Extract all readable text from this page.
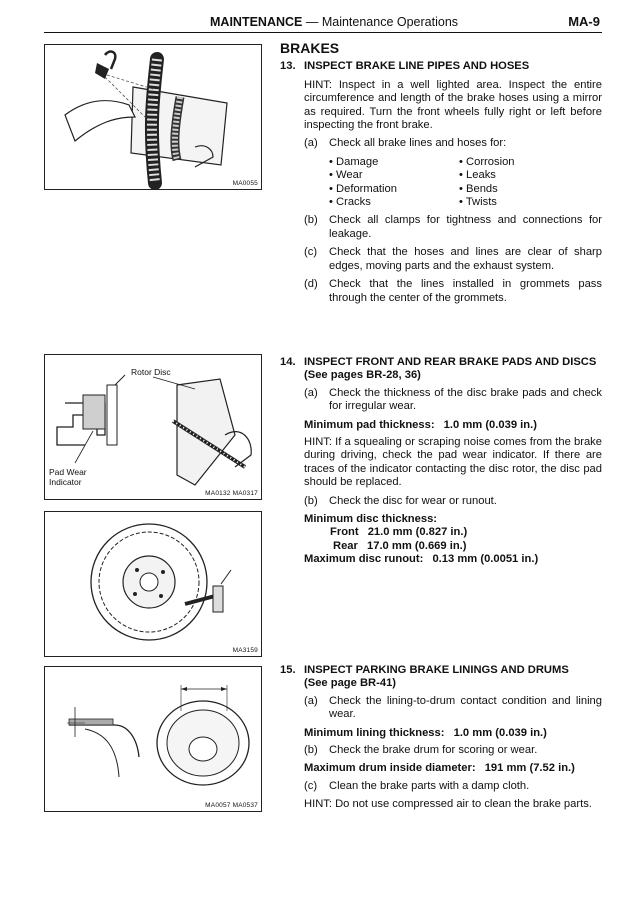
MAINTENANCE — Maintenance Operations	MA-9
MA0055
Rotor Disc
Pad Wear
Indicator
MA0132 MA0317
MA3159
MA0057 MA0537
BRAKES
13. INSPECT BRAKE LINE PIPES AND HOSES
HINT: Inspect in a well lighted area. Inspect the entire circumference and length of the brake hoses using a mirror as required. Turn the front wheels fully right or left before inspecting the front brake.
(a) Check all brake lines and hoses for:
• Damage	• Corrosion
• Wear	• Leaks
• Deformation	• Bends
• Cracks	• Twists
(b) Check all clamps for tightness and connections for leakage.
(c) Check that the hoses and lines are clear of sharp edges, moving parts and the exhaust system.
(d) Check that the lines installed in grommets pass through the center of the grommets.
14. INSPECT FRONT AND REAR BRAKE PADS AND DISCS
(See pages BR-28, 36)
(a) Check the thickness of the disc brake pads and check for irregular wear.
Minimum pad thickness: 1.0 mm (0.039 in.)
HINT: If a squealing or scraping noise comes from the brake during driving, check the pad wear indicator. If there are traces of the indicator contacting the disc rotor, the disc pad should be replaced.
(b) Check the disc for wear or runout.
Minimum disc thickness:
Front 21.0 mm (0.827 in.)
Rear 17.0 mm (0.669 in.)
Maximum disc runout: 0.13 mm (0.0051 in.)
15. INSPECT PARKING BRAKE LININGS AND DRUMS
(See page BR-41)
(a) Check the lining-to-drum contact condition and lining wear.
Minimum lining thickness: 1.0 mm (0.039 in.)
(b) Check the brake drum for scoring or wear.
Maximum drum inside diameter: 191 mm (7.52 in.)
(c) Clean the brake parts with a damp cloth.
HINT: Do not use compressed air to clean the brake parts.
